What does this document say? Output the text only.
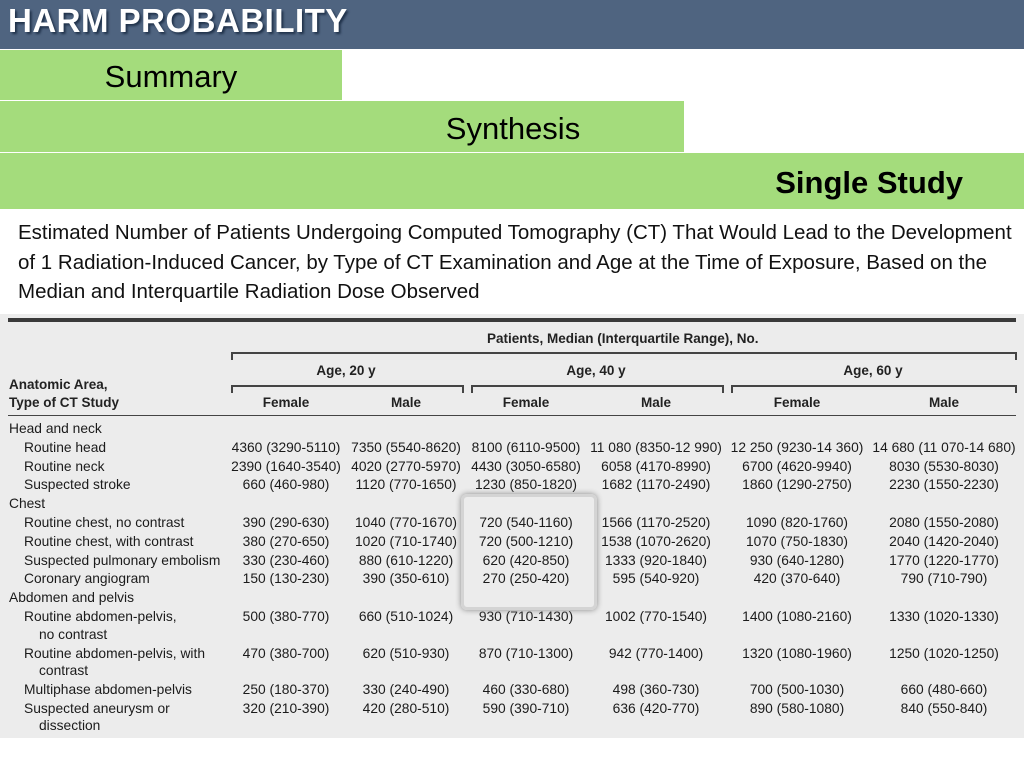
HARM PROBABILITY
Summary
Synthesis
Single Study
Estimated Number of Patients Undergoing Computed Tomography (CT) That Would Lead to the Development of 1 Radiation-Induced Cancer, by Type of CT Examination and Age at the Time of Exposure, Based on the Median and Interquartile Radiation Dose Observed
Patients, Median (Interquartile Range), No.
Age, 20 y	Age, 40 y	Age, 60 y
Anatomic Area,
Type of CT Study	Female	Male	Female	Male	Female	Male
Head and neck
Routine head	4360 (3290-5110) 7350 (5540-8620) 8100 (6110-9500) 11 080 (8350-12 990) 12 250 (9230-14 360) 14 680 (11 070-14 680)
Routine neck	2390 (1640-3540) 4020 (2770-5970) 4430 (3050-6580) 6058 (4170-8990) 6700 (4620-9940)	8030 (5530-8030)
Suspected stroke	660 (460-980) 1120 (770-1650) 1230 (850-1820) 1682 (1170-2490) 1860 (1290-2750)	2230 (1550-2230)
Chest
Routine chest, no contrast	390 (290-630) 1040 (770-1670) 720 (540-1160) 1566 (1170-2520)	1090 (820-1760)	2080 (1550-2080)
Routine chest, with contrast	380 (270-650) 1020 (710-1740) 720 (500-1210) 1538 (1070-2620)	1070 (750-1830)	2040 (1420-2040)
Suspected pulmonary embolism 330 (230-460) 880 (610-1220) 620 (420-850)	1333 (920-1840)	930 (640-1280)	1770 (1220-1770)
Coronary angiogram	150 (130-230) 390 (350-610) 270 (250-420)	595 (540-920)	420 (370-640)	790 (710-790)
Abdomen and pelvis
Routine abdomen-pelvis,	500 (380-770) 660 (510-1024) 930 (710-1430) 1002 (770-1540)	1400 (1080-2160)	1330 (1020-1330)
no contrast
Routine abdomen-pelvis, with	470 (380-700) 620 (510-930) 870 (710-1300)	942 (770-1400)	1320 (1080-1960)	1250 (1020-1250)
contrast
Multiphase abdomen-pelvis	250 (180-370) 330 (240-490) 460 (330-680)	498 (360-730)	700 (500-1030)	660 (480-660)
Suspected aneurysm or	320 (210-390) 420 (280-510) 590 (390-710)	636 (420-770)	890 (580-1080)	840 (550-840)
dissection
